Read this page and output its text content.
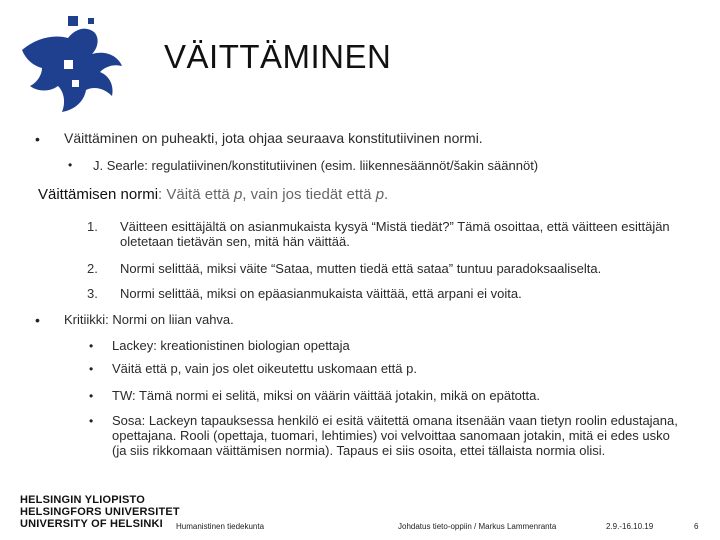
VÄITTÄMINEN
• Väittäminen on puheakti, jota ohjaa seuraava konstitutiivinen normi.
• J. Searle: regulatiivinen/konstitutiivinen (esim. liikennesäännöt/šakin säännöt)
Väittämisen normi: Väitä että p, vain jos tiedät että p.
1. Väitteen esittäjältä on asianmukaista kysyä “Mistä tiedät?” Tämä osoittaa, että väitteen esittäjän oletetaan tietävän sen, mitä hän väittää.
2. Normi selittää, miksi väite “Sataa, mutten tiedä että sataa” tuntuu paradoksaaliselta.
3. Normi selittää, miksi on epäasianmukaista väittää, että arpani ei voita.
• Kritiikki: Normi on liian vahva.
• Lackey: kreationistinen biologian opettaja
• Väitä että p, vain jos olet oikeutettu uskomaan että p.
• TW: Tämä normi ei selitä, miksi on väärin väittää jotakin, mikä on epätotta.
• Sosa: Lackeyn tapauksessa henkilö ei esitä väitettä omana itsenään vaan tietyn roolin edustajana, opettajana. Rooli (opettaja, tuomari, lehtimies) voi velvoittaa sanomaan jotakin, mitä ei edes usko (ja siis rikkomaan väittämisen normia). Tapaus ei siis osoita, ettei tällaista normia olisi.
HELSINGIN YLIOPISTO
HELSINGFORS UNIVERSITET
UNIVERSITY OF HELSINKI	Humanistinen tiedekunta	Johdatus tieto-oppiin / Markus Lammenranta	2.9.-16.10.19	6
